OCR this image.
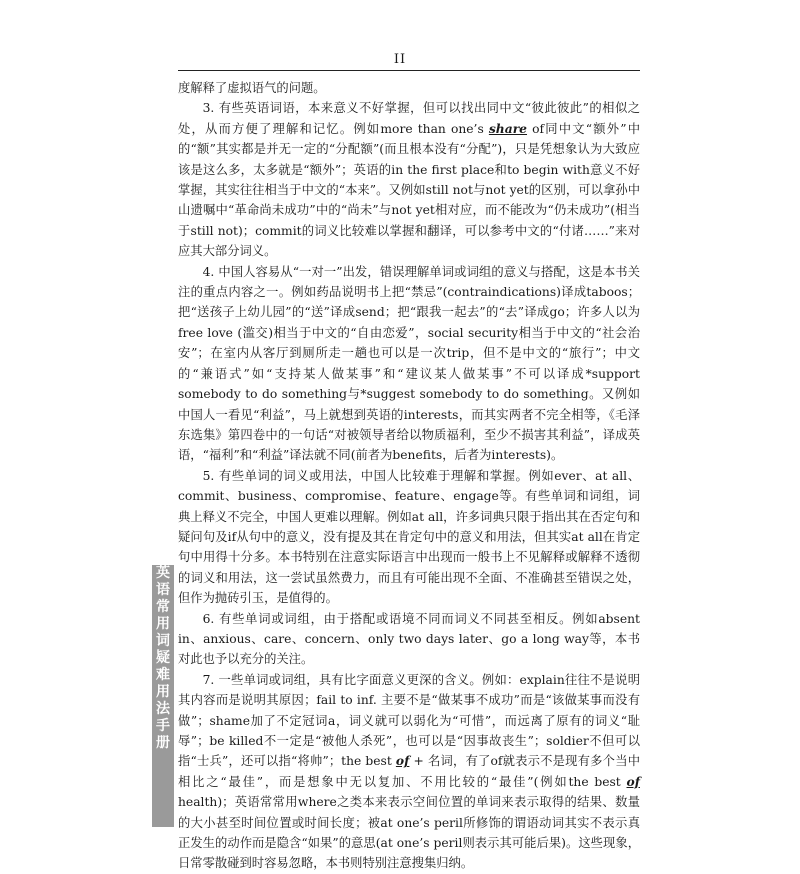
II

度解释了虚拟语气的问题。

3. 有些英语词语，本来意义不好掌握，但可以找出同中文“彼此彼此”的相似之处，从而方便了理解和记忆。例如more than one’s share of同中文“额外”中的“额”其实都是并无一定的“分配额”(而且根本没有“分配”)，只是凭想象认为大致应该是这么多，太多就是“额外”；英语的in the first place和to begin with意义不好掌握，其实往往相当于中文的“本来”。又例如still not与not yet的区别，可以拿孙中山遗嘱中“革命尚未成功”中的“尚未”与not yet相对应，而不能改为“仍未成功”(相当于still not)；commit的词义比较难以掌握和翻译，可以参考中文的“付诸……”来对应其大部分词义。

4. 中国人容易从“一对一”出发，错误理解单词或词组的意义与搭配，这是本书关注的重点内容之一。例如药品说明书上把“禁忌”(contraindications)译成taboos；把“送孩子上幼儿园”的“送”译成send；把“跟我一起去”的“去”译成go；许多人以为free love (滥交)相当于中文的“自由恋爱”，social security相当于中文的“社会治安”；在室内从客厅到厕所走一趟也可以是一次trip，但不是中文的“旅行”；中文的“兼语式”如“支持某人做某事”和“建议某人做某事”不可以译成*support somebody to do something与*suggest somebody to do something。又例如中国人一看见“利益”，马上就想到英语的interests，而其实两者不完全相等，《毛泽东选集》第四卷中的一句话“对被领导者给以物质福利，至少不损害其利益”，译成英语，“福利”和“利益”译法就不同(前者为benefits，后者为interests)。

5. 有些单词的词义或用法，中国人比较难于理解和掌握。例如ever、at all、commit、business、compromise、feature、engage等。有些单词和词组，词典上释义不完全，中国人更难以理解。例如at all，许多词典只限于指出其在否定句和疑问句及if从句中的意义，没有提及其在肯定句中的意义和用法，但其实at all在肯定句中用得十分多。本书特别在注意实际语言中出现而一般书上不见解释或解释不透彻的词义和用法，这一尝试虽然费力，而且有可能出现不全面、不准确甚至错误之处，但作为抛砖引玉，是值得的。

6. 有些单词或词组，由于搭配或语境不同而词义不同甚至相反。例如absent in、anxious、care、concern、only two days later、go a long way等，本书对此也予以充分的关注。

7. 一些单词或词组，具有比字面意义更深的含义。例如：explain往往不是说明其内容而是说明其原因；fail to inf. 主要不是“做某事不成功”而是“该做某事而没有做”；shame加了不定冠词a，词义就可以弱化为“可惜”，而远离了原有的词义“耻辱”；be killed不一定是“被他人杀死”，也可以是“因事故丧生”；soldier不但可以指“士兵”，还可以指“将帅”；the best of + 名词，有了of就表示不是现有多个当中相比之“最佳”，而是想象中无以复加、不用比较的“最佳”(例如the best of health)；英语常常用where之类本来表示空间位置的单词来表示取得的结果、数量的大小甚至时间位置或时间长度；被at one’s peril所修饰的谓语动词其实不表示真正发生的动作而是隐含“如果”的意思(at one’s peril则表示其可能后果)。这些现象，日常零散碰到时容易忽略，本书则特别注意搜集归纳。

英
语
常
用
词
疑
难
用
法
手
册
